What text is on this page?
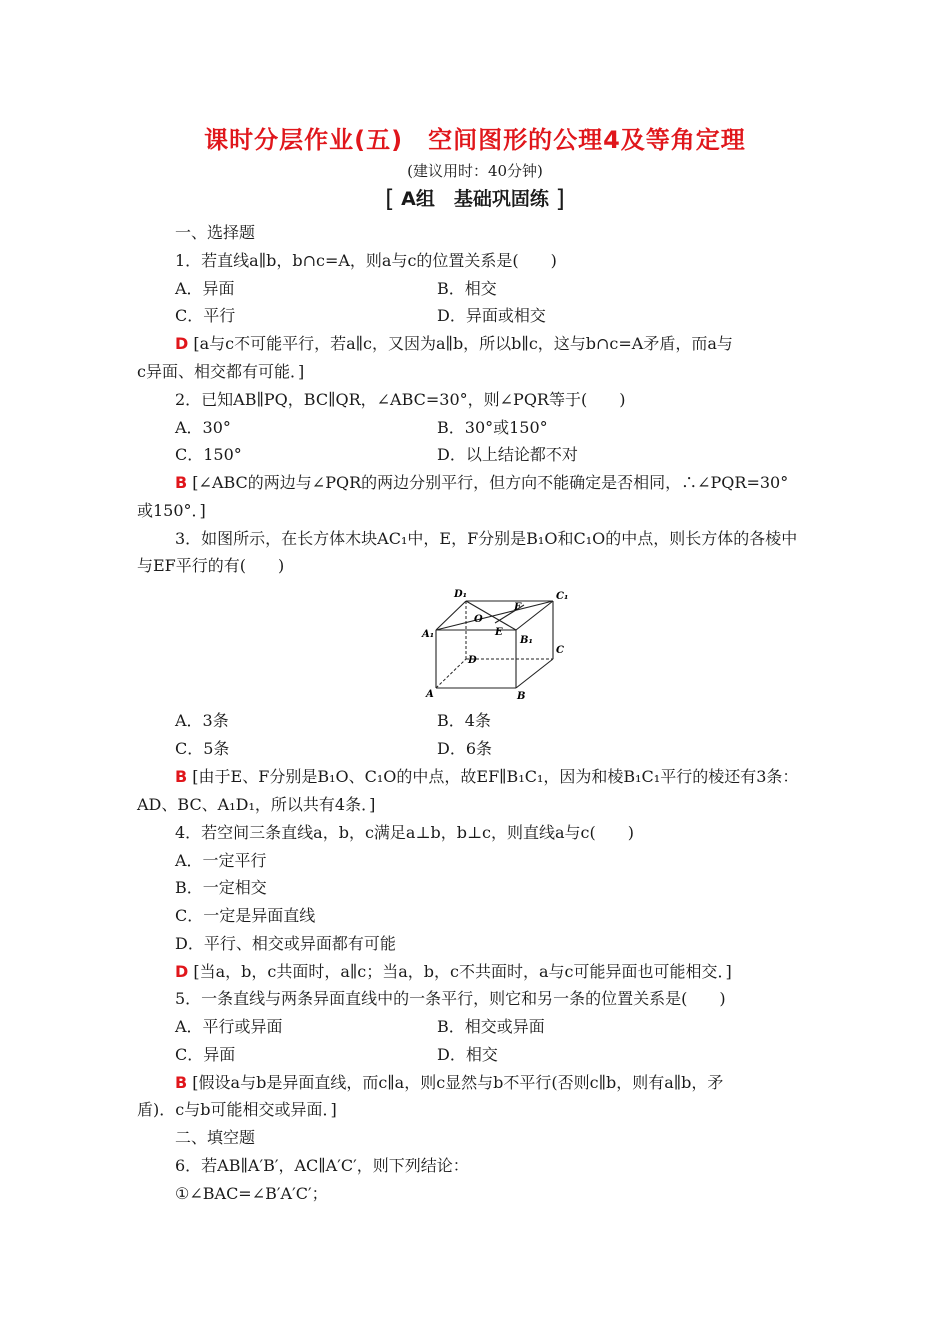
课时分层作业(五)　空间图形的公理4及等角定理
(建议用时：40分钟)
[ A组　基础巩固练 ]
一、选择题
1．若直线a∥b，b∩c=A，则a与c的位置关系是(　　)
A．异面	B．相交
C．平行	D．异面或相交
D [a与c不可能平行，若a∥c，又因为a∥b，所以b∥c，这与b∩c=A矛盾，而a与
c异面、相交都有可能．]
2．已知AB∥PQ，BC∥QR，∠ABC=30°，则∠PQR等于(　　)
A．30°	B．30°或150°
C．150°	D．以上结论都不对
B [∠ABC的两边与∠PQR的两边分别平行，但方向不能确定是否相同，∴∠PQR=30°
或150°．]
3．如图所示，在长方体木块AC₁中，E，F分别是B₁O和C₁O的中点，则长方体的各棱中
与EF平行的有(　　)
D₁	C₁
O
F
E
A₁
B₁
C
D
A	B
A．3条	B．4条
C．5条	D．6条
B [由于E、F分别是B₁O、C₁O的中点，故EF∥B₁C₁，因为和棱B₁C₁平行的棱还有3条：
AD、BC、A₁D₁，所以共有4条．]
4．若空间三条直线a，b，c满足a⊥b，b⊥c，则直线a与c(　　)
A．一定平行
B．一定相交
C．一定是异面直线
D．平行、相交或异面都有可能
D [当a，b，c共面时，a∥c；当a，b，c不共面时，a与c可能异面也可能相交．]
5．一条直线与两条异面直线中的一条平行，则它和另一条的位置关系是(　　)
A．平行或异面	B．相交或异面
C．异面	D．相交
B [假设a与b是异面直线，而c∥a，则c显然与b不平行(否则c∥b，则有a∥b，矛
盾)．c与b可能相交或异面．]
二、填空题
6．若AB∥A′B′，AC∥A′C′，则下列结论：
①∠BAC=∠B′A′C′；
